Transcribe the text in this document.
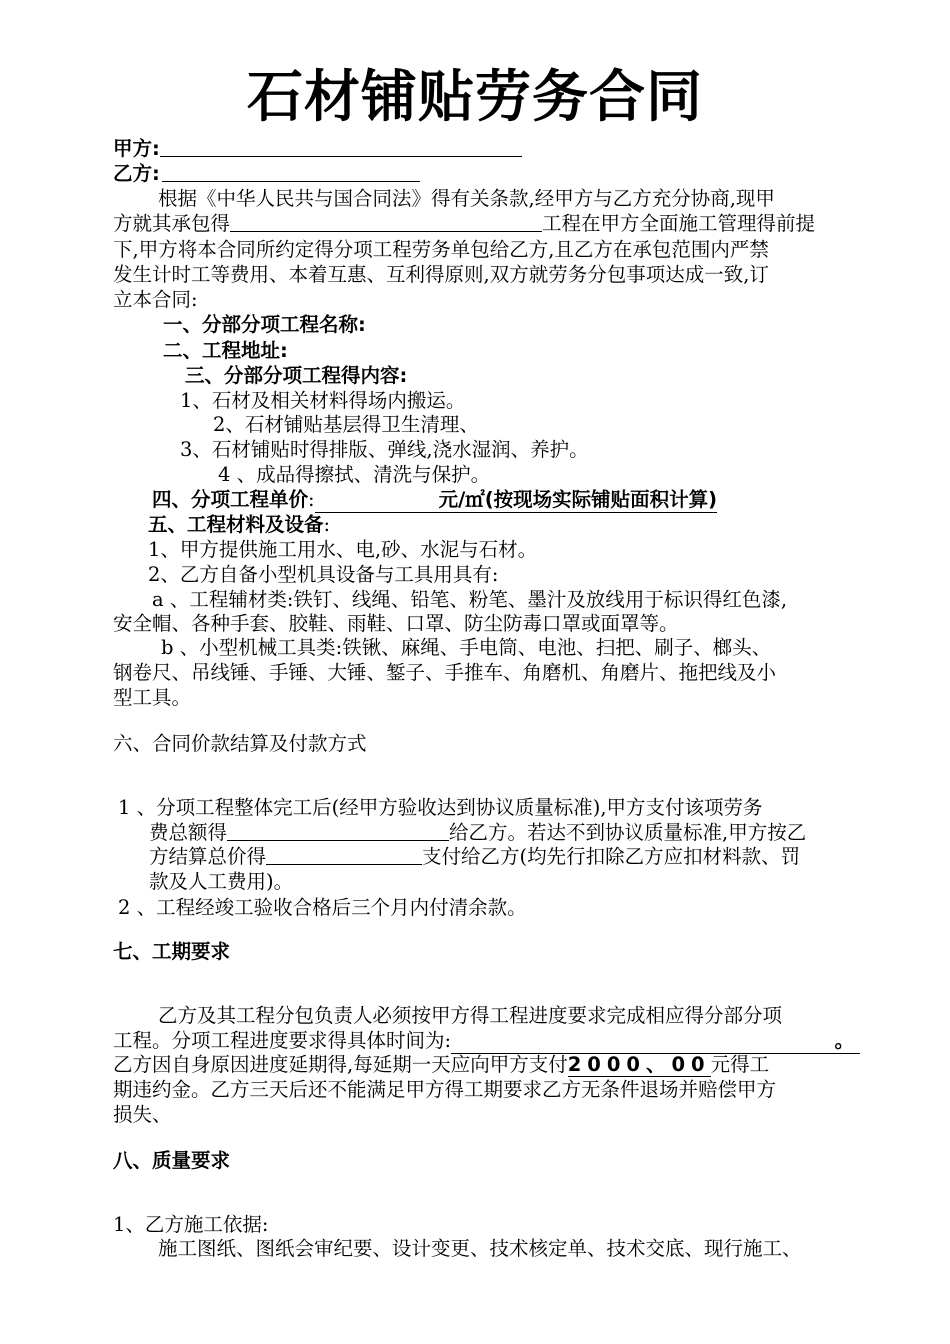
石材铺贴劳务合同
甲方:
乙方:
根据《中华人民共与国合同法》得有关条款,经甲方与乙方充分协商,现甲
方就其承包得	工程在甲方全面施工管理得前提
下,甲方将本合同所约定得分项工程劳务单包给乙方,且乙方在承包范围内严禁
发生计时工等费用、本着互惠、互利得原则,双方就劳务分包事项达成一致,订
立本合同:
一、分部分项工程名称:
二、工程地址:
三、分部分项工程得内容:
1、石材及相关材料得场内搬运。
2、石材铺贴基层得卫生清理、
3、石材铺贴时得排版、弹线,浇水湿润、养护。
4 、成品得擦拭、清洗与保护。
四、分项工程单价:	元/㎡(按现场实际铺贴面积计算)
五、工程材料及设备:
1、甲方提供施工用水、电,砂、水泥与石材。
2、乙方自备小型机具设备与工具用具有:
a 、工程辅材类:铁钉、线绳、铅笔、粉笔、墨汁及放线用于标识得红色漆,
安全帽、各种手套、胶鞋、雨鞋、口罩、防尘防毒口罩或面罩等。
b 、小型机械工具类:铁锹、麻绳、手电筒、电池、扫把、刷子、榔头、
钢卷尺、吊线锤、手锤、大锤、錾子、手推车、角磨机、角磨片、拖把线及小
型工具。
六、合同价款结算及付款方式
1 、分项工程整体完工后(经甲方验收达到协议质量标准),甲方支付该项劳务
费总额得	给乙方。若达不到协议质量标准,甲方按乙
方结算总价得	支付给乙方(均先行扣除乙方应扣材料款、罚
款及人工费用)。
2 、工程经竣工验收合格后三个月内付清余款。
七、工期要求
乙方及其工程分包负责人必须按甲方得工程进度要求完成相应得分部分项
工程。分项工程进度要求得具体时间为:	。
乙方因自身原因进度延期得,每延期一天应向甲方支付2000、00元得工
期违约金。乙方三天后还不能满足甲方得工期要求乙方无条件退场并赔偿甲方
损失、
八、质量要求
1、乙方施工依据:
施工图纸、图纸会审纪要、设计变更、技术核定单、技术交底、现行施工、
